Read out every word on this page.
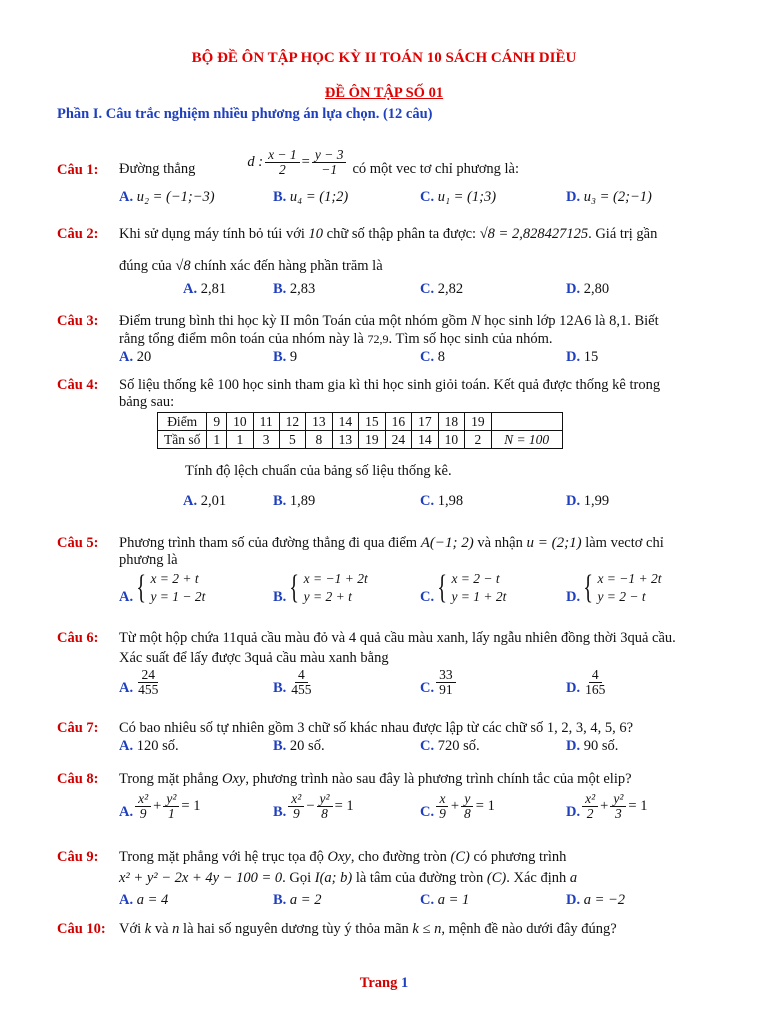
BỘ ĐỀ ÔN TẬP HỌC KỲ II TOÁN 10 SÁCH CÁNH DIỀU
ĐỀ ÔN TẬP SỐ 01
Phần I. Câu trắc nghiệm nhiều phương án lựa chọn. (12 câu)
Câu 1: Đường thẳng	d : $\frac{x - 1}{2} = \frac{y - 3}{-1}$ có một vec tơ chỉ phương là:
A. u₂ = (−1;−3)	B. u₄ = (1;2)	C. u₁ = (1;3)	D. u₃ = (2;−1)
Câu 2: Khi sử dụng máy tính bỏ túi với 10 chữ số thập phân ta được: √8 = 2,828427125. Giá trị gần
đúng của √8 chính xác đến hàng phần trăm là
A. 2,81	B. 2,83	C. 2,82	D. 2,80
Câu 3: Điểm trung bình thi học kỳ II môn Toán của một nhóm gồm N học sinh lớp 12A6 là 8,1. Biết
rằng tổng điểm môn toán của nhóm này là 72,9. Tìm số học sinh của nhóm.
A. 20	B. 9	C. 8	D. 15
Câu 4: Số liệu thống kê 100 học sinh tham gia kì thi học sinh giỏi toán. Kết quả được thống kê trong
bảng sau:
Điểm	9	10	11	12	13	14	15	16	17	18	19	
Tần số	1	1	3	5	8	13	19	24	14	10	2	N = 100
Tính độ lệch chuẩn của bảng số liệu thống kê.
A. 2,01	B. 1,89	C. 1,98	D. 1,99
Câu 5: Phương trình tham số của đường thẳng đi qua điểm A(−1; 2) và nhận u = (2;1) làm vectơ chỉ
phương là
A. { x = 2 + t
y = 1 − 2t	B. { x = −1 + 2t
y = 2 + t	C. { x = 2 − t
y = 1 + 2t	D. { x = −1 + 2t
y = 2 − t
Câu 6: Từ một hộp chứa 11quả cầu màu đỏ và 4 quả cầu màu xanh, lấy ngẫu nhiên đồng thời 3quả cầu.
Xác suất để lấy được 3quả cầu màu xanh bằng
A. $\frac{24}{455}$	B. $\frac{4}{455}$	C. $\frac{33}{91}$	D. $\frac{4}{165}$
Câu 7: Có bao nhiêu số tự nhiên gồm 3 chữ số khác nhau được lập từ các chữ số 1, 2, 3, 4, 5, 6?
A. 120 số.	B. 20 số.	C. 720 số.	D. 90 số.
Câu 8: Trong mặt phẳng Oxy, phương trình nào sau đây là phương trình chính tắc của một elip?
A. $\frac{\text{x²}}{9} + \frac{\text{y²}}{1} = 1$	B. $\frac{\text{x²}}{9} - \frac{\text{y²}}{8} = 1$	C. $\frac{x}{9} + \frac{y}{8} = 1$	D. $\frac{\text{x²}}{2} + \frac{\text{y²}}{3} = 1$
Câu 9: Trong mặt phẳng với hệ trục tọa độ Oxy, cho đường tròn (C) có phương trình
x² + y² − 2x + 4y − 100 = 0. Gọi I(a; b) là tâm của đường tròn (C). Xác định a
A. a = 4	B. a = 2	C. a = 1	D. a = −2
Câu 10: Với k và n là hai số nguyên dương tùy ý thỏa mãn k ≤ n, mệnh đề nào dưới đây đúng?
Trang 1
